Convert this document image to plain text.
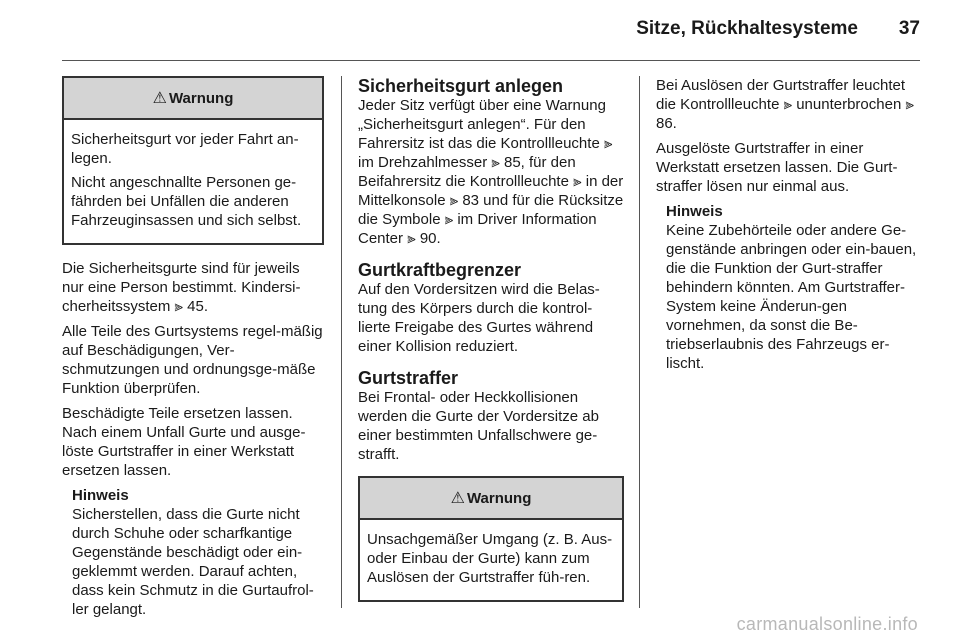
Sitze, Rückhaltesysteme 37
⚠ Warnung

Sicherheitsgurt vor jeder Fahrt an-legen.

Nicht angeschnallte Personen ge-fährden bei Unfällen die anderen Fahrzeuginsassen und sich selbst.

Die Sicherheitsgurte sind für jeweils nur eine Person bestimmt. Kindersi-cherheitssystem ⫸ 45.

Alle Teile des Gurtsystems regel-mäßig auf Beschädigungen, Ver-schmutzungen und ordnungsge-mäße Funktion überprüfen.

Beschädigte Teile ersetzen lassen. Nach einem Unfall Gurte und ausge-löste Gurtstraffer in einer Werkstatt ersetzen lassen.

Hinweis

Sicherstellen, dass die Gurte nicht durch Schuhe oder scharfkantige Gegenstände beschädigt oder ein-geklemmt werden. Darauf achten, dass kein Schmutz in die Gurtaufrol-ler gelangt.

Sicherheitsgurt anlegen

Jeder Sitz verfügt über eine Warnung „Sicherheitsgurt anlegen“. Für den Fahrersitz ist das die Kontrollleuchte ⫸ im Drehzahlmesser ⫸ 85, für den Beifahrersitz die Kontrollleuchte ⫸ in der Mittelkonsole ⫸ 83 und für die Rücksitze die Symbole ⫸ im Driver Information Center ⫸ 90.

Gurtkraftbegrenzer

Auf den Vordersitzen wird die Belas-tung des Körpers durch die kontrol-lierte Freigabe des Gurtes während einer Kollision reduziert.

Gurtstraffer

Bei Frontal- oder Heckkollisionen werden die Gurte der Vordersitze ab einer bestimmten Unfallschwere ge-strafft.

⚠ Warnung

Unsachgemäßer Umgang (z. B. Aus- oder Einbau der Gurte) kann zum Auslösen der Gurtstraffer füh-ren.

Bei Auslösen der Gurtstraffer leuchtet die Kontrollleuchte ⫸ ununterbrochen ⫸ 86.

Ausgelöste Gurtstraffer in einer Werkstatt ersetzen lassen. Die Gurt-straffer lösen nur einmal aus.

Hinweis

Keine Zubehörteile oder andere Ge-genstände anbringen oder ein-bauen, die die Funktion der Gurt-straffer behindern könnten. Am Gurtstraffer-System keine Änderun-gen vornehmen, da sonst die Be-triebserlaubnis des Fahrzeugs er-lischt.

carmanualsonline.info
